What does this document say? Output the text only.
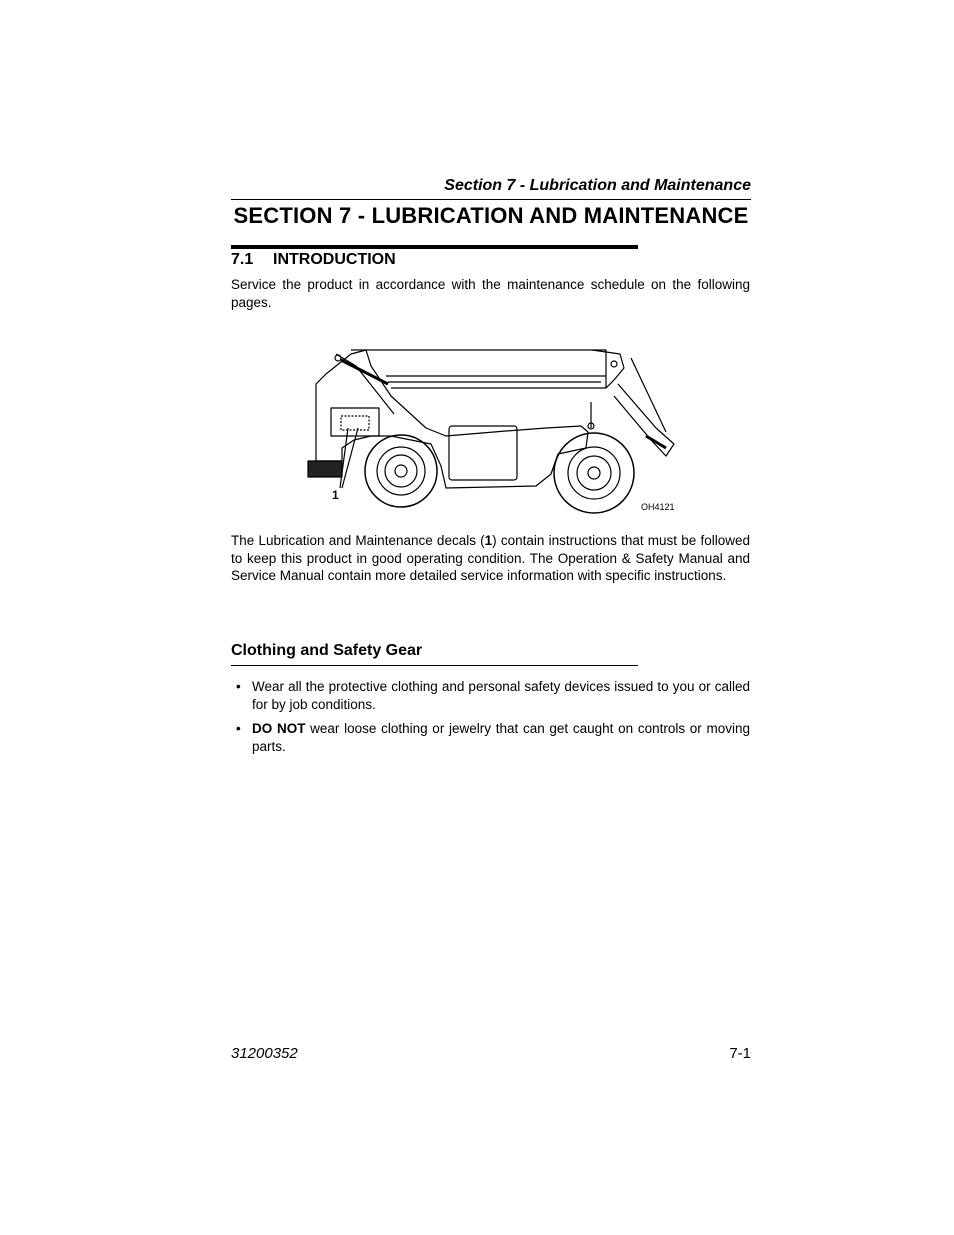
Section 7 - Lubrication and Maintenance
SECTION 7 - LUBRICATION AND MAINTENANCE
7.1 INTRODUCTION
Service the product in accordance with the maintenance schedule on the following pages.
1
OH4121
The Lubrication and Maintenance decals (1) contain instructions that must be followed to keep this product in good operating condition. The Operation & Safety Manual and Service Manual contain more detailed service information with specific instructions.
Clothing and Safety Gear
• Wear all the protective clothing and personal safety devices issued to you or called for by job conditions.
• DO NOT wear loose clothing or jewelry that can get caught on controls or moving parts.
31200352	7-1
